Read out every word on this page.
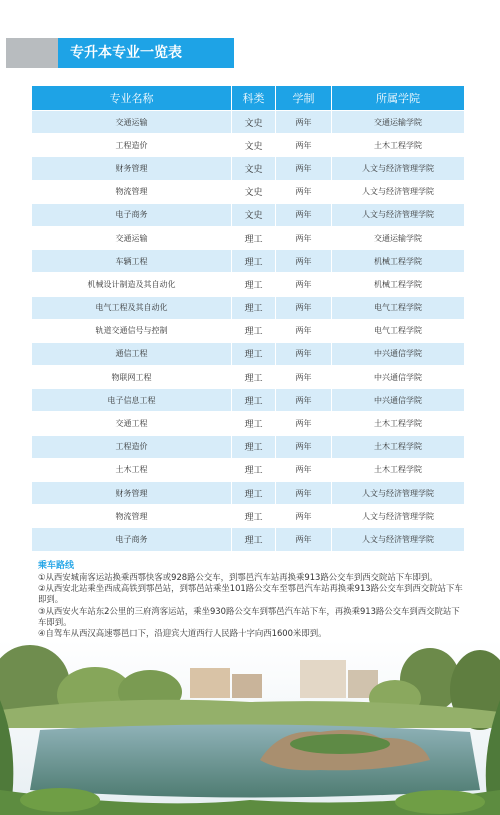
专升本专业一览表
专业名称	科类	学制	所属学院
交通运输	文史	两年	交通运输学院
工程造价	文史	两年	土木工程学院
财务管理	文史	两年	人文与经济管理学院
物流管理	文史	两年	人文与经济管理学院
电子商务	文史	两年	人文与经济管理学院
交通运输	理工	两年	交通运输学院
车辆工程	理工	两年	机械工程学院
机械设计制造及其自动化	理工	两年	机械工程学院
电气工程及其自动化	理工	两年	电气工程学院
轨道交通信号与控制	理工	两年	电气工程学院
通信工程	理工	两年	中兴通信学院
物联网工程	理工	两年	中兴通信学院
电子信息工程	理工	两年	中兴通信学院
交通工程	理工	两年	土木工程学院
工程造价	理工	两年	土木工程学院
土木工程	理工	两年	土木工程学院
财务管理	理工	两年	人文与经济管理学院
物流管理	理工	两年	人文与经济管理学院
电子商务	理工	两年	人文与经济管理学院
乘车路线

①从西安城南客运站换乘西鄠快客或928路公交车，到鄠邑汽车站再换乘913路公交车到西交院站下车即到。

②从西安北站乘坐西成高铁到鄠邑站，到鄠邑站乘坐101路公交车至鄠邑汽车站再换乘913路公交车到西交院站下车即到。

③从西安火车站东2公里的三府湾客运站，乘坐930路公交车到鄠邑汽车站下车，再换乘913路公交车到西交院站下车即到。

④自驾车从西汉高速鄠邑口下，沿迎宾大道西行人民路十字向西1600米即到。
